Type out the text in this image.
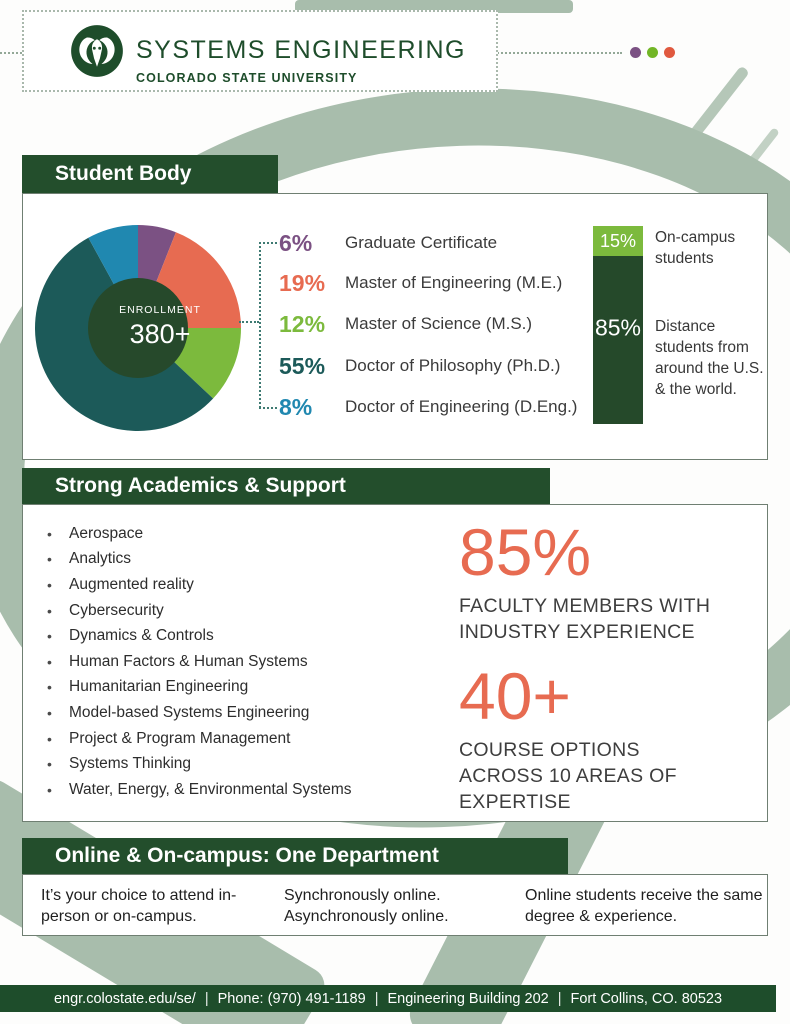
SYSTEMS ENGINEERING
COLORADO STATE UNIVERSITY
Student Body
ENROLLMENT
380+
6%	Graduate Certificate
19%	Master of Engineering (M.E.)
12%	Master of Science (M.S.)
55%	Doctor of Philosophy (Ph.D.)
8%	Doctor of Engineering (D.Eng.)
15%
85%
On-campus students
Distance students from around the U.S. & the world.
Strong Academics & Support
• Aerospace
• Analytics
• Augmented reality
• Cybersecurity
• Dynamics & Controls
• Human Factors & Human Systems
• Humanitarian Engineering
• Model-based Systems Engineering
• Project & Program Management
• Systems Thinking
• Water, Energy, & Environmental Systems
85%
FACULTY MEMBERS WITH INDUSTRY EXPERIENCE
40+
COURSE OPTIONS ACROSS 10 AREAS OF EXPERTISE
Online & On-campus: One Department
It’s your choice to attend in-person or on-campus.
Synchronously online. Asynchronously online.
Online students receive the same degree & experience.
engr.colostate.edu/se/ | Phone: (970) 491-1189 | Engineering Building 202 | Fort Collins, CO. 80523
